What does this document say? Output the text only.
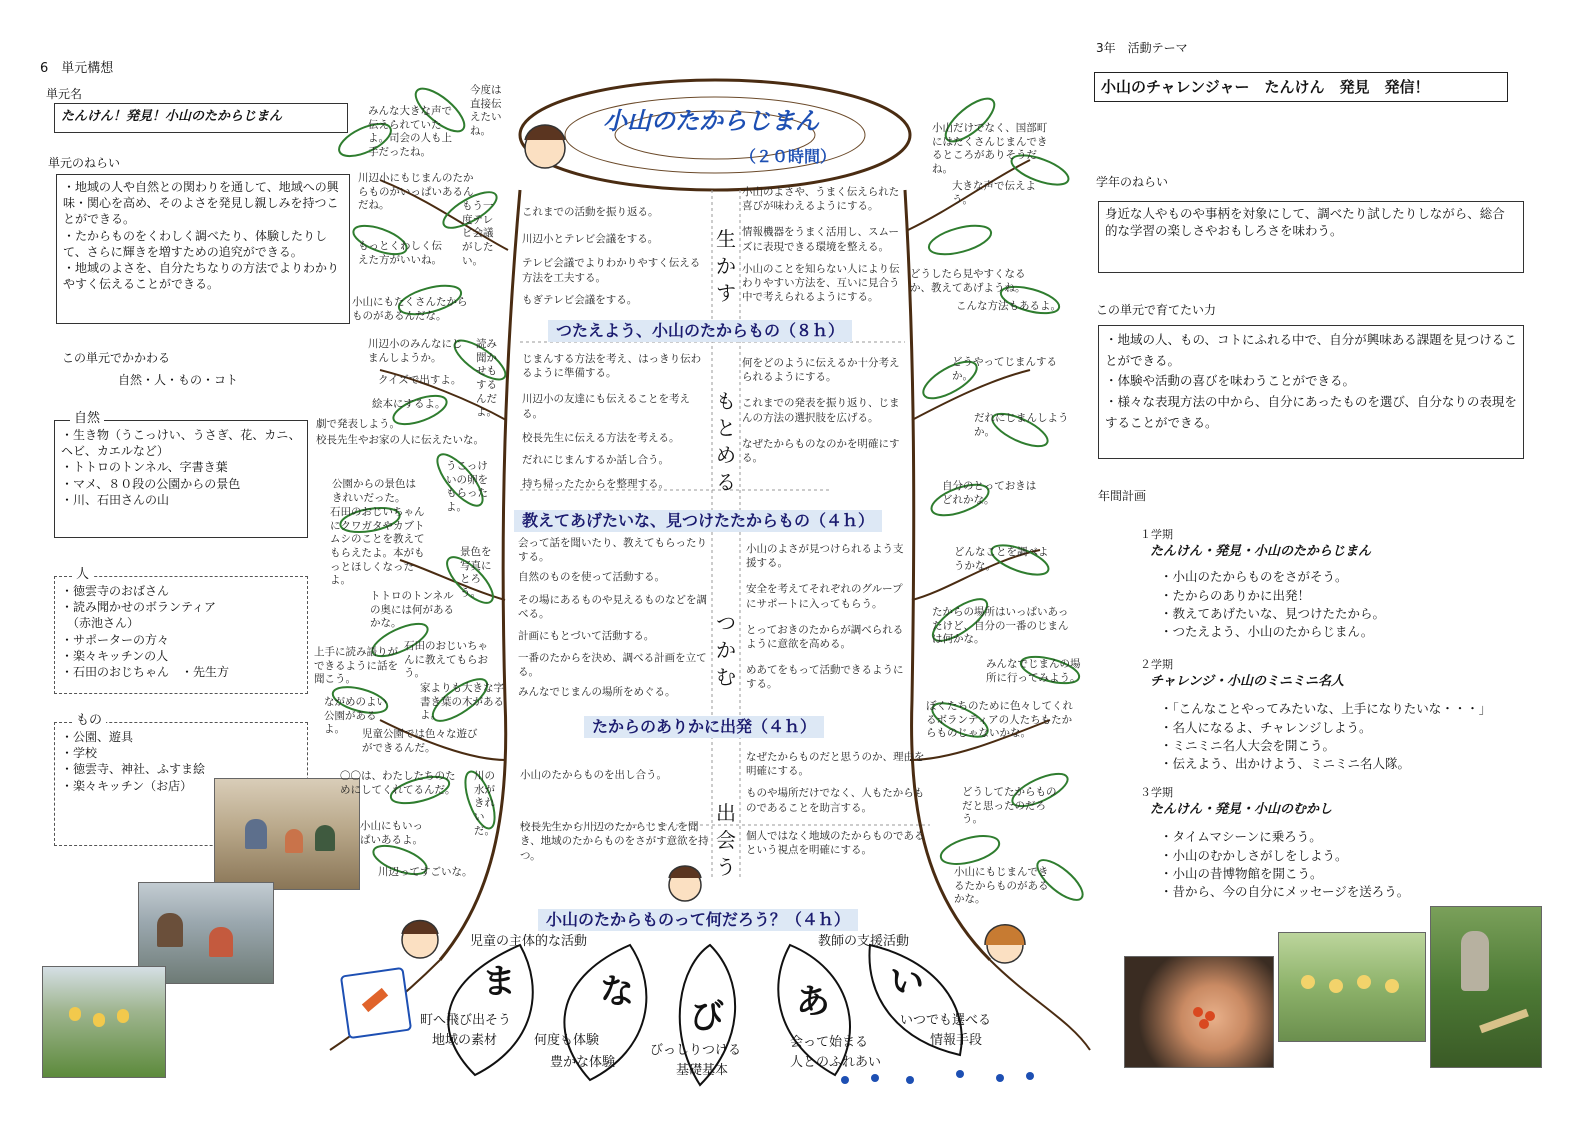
6　単元構想
単元名
たんけん！発見！小山のたからじまん
単元のねらい
・地域の人や自然との関わりを通して、地域への興味・関心を高め、そのよさを発見し親しみを持つことができる。
・たからものをくわしく調べたり、体験したりして、さらに輝きを増すための追究ができる。
・地域のよさを、自分たちなりの方法でよりわかりやすく伝えることができる。
この単元でかかわる
自然・人・もの・コト
・生き物（うこっけい、うさぎ、花、カニ、ヘビ、カエルなど）
・トトロのトンネル、字書き葉
・マメ、８０段の公園からの景色
・川、石田さんの山
自然
・徳雲寺のおばさん
・読み聞かせのボランティア
　（赤池さん）
・サポーターの方々
・楽々キッチンの人
・石田のおじちゃん　・先生方
人
・公園、遊具
・学校
・徳雲寺、神社、ふすま絵
・楽々キッチン（お店）
もの
小山のたからじまん
（２０時間）
生かす
もとめる
つかむ
出会う
つたえよう、小山のたからもの（８ｈ）
教えてあげたいな、見つけたたからもの（４ｈ）
たからのありかに出発（４ｈ）
小山のたからものって何だろう？（４ｈ）
これまでの活動を振り返る。
川辺小とテレビ会議をする。
テレビ会議でよりわかりやすく伝える方法を工夫する。
もぎテレビ会議をする。
小山のよさや、うまく伝えられた喜びが味わえるようにする。
情報機器をうまく活用し、スムーズに表現できる環境を整える。
小山のことを知らない人により伝わりやすい方法を、互いに見合う中で考えられるようにする。
じまんする方法を考え、はっきり伝わるように準備する。
川辺小の友達にも伝えることを考える。
校長先生に伝える方法を考える。
だれにじまんするか話し合う。
持ち帰ったたからを整理する。
何をどのように伝えるか十分考えられるようにする。
これまでの発表を振り返り、じまんの方法の選択肢を広げる。
なぜたからものなのかを明確にする。
会って話を聞いたり、教えてもらったりする。
自然のものを使って活動する。
その場にあるものや見えるものなどを調べる。
計画にもとづいて活動する。
一番のたからを決め、調べる計画を立てる。
みんなでじまんの場所をめぐる。
小山のよさが見つけられるよう支援する。
安全を考えてそれぞれのグループにサポートに入ってもらう。
とっておきのたからが調べられるように意欲を高める。
めあてをもって活動できるようにする。
小山のたからものを出し合う。
校長先生から川辺のたからじまんを聞き、地域のたからものをさがす意欲を持つ。
なぜたからものだと思うのか、理由を明確にする。
ものや場所だけでなく、人もたからものであることを助言する。
個人ではなく地域のたからものであるという視点を明確にする。
みんな大きな声で伝えられていたよ。司会の人も上手だったね。
今度は直接伝えたいね。
川辺小にもじまんのたからものがいっぱいあるんだね。	もう一度テレビ会議がしたい。
もっとくわしく伝えた方がいいね。
小山にもたくさんたからものがあるんだな。
川辺小のみんなにじまんしようか。
読み聞かせもするんだよ。
クイズで出すよ。
絵本にするよ。
劇で発表しよう。
校長先生やお家の人に伝えたいな。
公園からの景色はきれいだった。
うこっけいの卵をもらったよ。
石田のおじいちゃんにクワガタやカブトムシのことを教えてもらえたよ。本がもっとほしくなったよ。
景色を写真にとろう。
トトロのトンネルの奥には何があるかな。
上手に読み語りができるように話を聞こう。
石田のおじいちゃんに教えてもらおう。
ながめのよい公園があるよ。
家よりも大きな字書き葉の木があるよ。
児童公園では色々な遊びができるんだ。
〇〇は、わたしたちのためにしてくれてるんだ。
川の水がきれいだ。
小山にもいっぱいあるよ。
川辺ってすごいな。
小山だけでなく、国部町にはたくさんじまんできるところがありそうだね。
大きな声で伝えよう。
どうしたら見やすくなるか、教えてあげようね。
こんな方法もあるよ。
どうやってじまんするか。
だれにじまんしようか。
自分のとっておきはどれかな。
どんなことを調べようかな。
たからの場所はいっぱいあったけど、自分の一番のじまんは何かな。
みんなでじまんの場所に行ってみよう。
ぼくたちのために色々してくれるボランティアの人たちもたからものじゃないかな。
どうしてたからものだと思ったのだろう。
小山にもじまんできるたからものがあるかな。
児童の主体的な活動	教師の支援活動
ま な
び あ い
町へ飛び出そう
地域の素材	何度も体験
豊かな体験
びっしりつける
基礎基本
会って始まる
人とのふれあい
いつでも選べる
情報手段
3年　活動テーマ
小山のチャレンジャー　たんけん　発見　発信！
学年のねらい
身近な人やものや事柄を対象にして、調べたり試したりしながら、総合的な学習の楽しさやおもしろさを味わう。
この単元で育てたい力
・地域の人、もの、コトにふれる中で、自分が興味ある課題を見つけることができる。
・体験や活動の喜びを味わうことができる。
・様々な表現方法の中から、自分にあったものを選び、自分なりの表現をすることができる。
年間計画
１学期
たんけん・発見・小山のたからじまん
・小山のたからものをさがそう。
・たからのありかに出発！
・教えてあげたいな、見つけたたから。
・つたえよう、小山のたからじまん。
２学期
チャレンジ・小山のミニミニ名人
・「こんなことやってみたいな、上手になりたいな・・・」
・名人になるよ、チャレンジしよう。
・ミニミニ名人大会を開こう。
・伝えよう、出かけよう、ミニミニ名人隊。
３学期
たんけん・発見・小山のむかし
・タイムマシーンに乗ろう。
・小山のむかしさがしをしよう。
・小山の昔博物館を開こう。
・昔から、今の自分にメッセージを送ろう。
